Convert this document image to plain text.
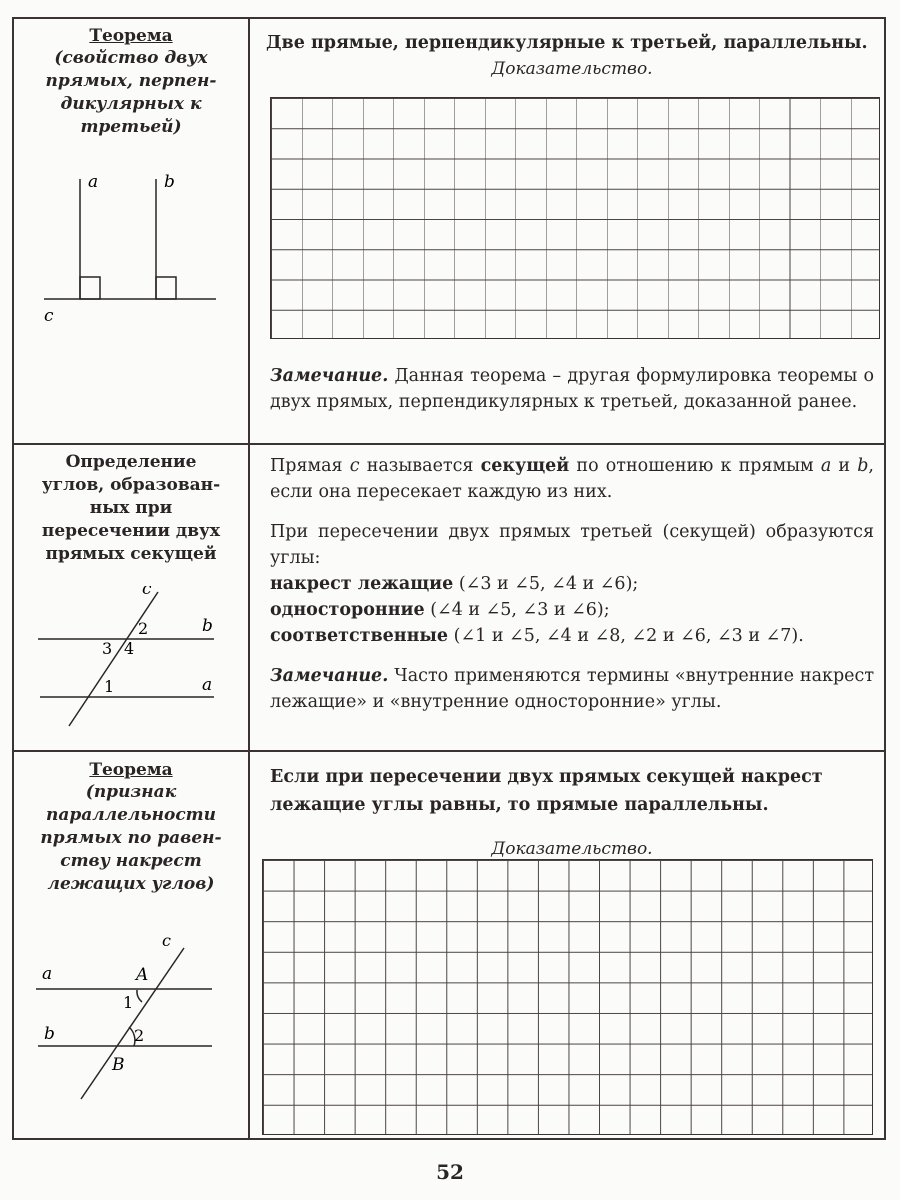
Теорема
(свойство двух
прямых, перпен-
дикулярных к
третьей)
a	b
c
Две прямые, перпендикулярные к третьей, параллельны.
Доказательство.
Замечание. Данная теорема – другая формулировка теоремы о двух прямых, перпендикулярных к третьей, доказанной ранее.
Определение
углов, образован-
ных при
пересечении двух
прямых секущей
c
b
a
2
3 4
1
Прямая c называется секущей по отношению к прямым a и b, если она пересекает каждую из них.
При пересечении двух прямых третьей (секущей) образуются углы:
накрест лежащие (∠3 и ∠5, ∠4 и ∠6);
односторонние (∠4 и ∠5, ∠3 и ∠6);
соответственные (∠1 и ∠5, ∠4 и ∠8, ∠2 и ∠6, ∠3 и ∠7).
Замечание. Часто применяются термины «внутренние накрест лежащие» и «внутренние односторонние» углы.
Теорема
(признак
параллельности
прямых по равен-
ству накрест
лежащих углов)
c
a	A
1
b	2
B
Если при пересечении двух прямых секущей накрест лежащие углы равны, то прямые параллельны.
Доказательство.
52
